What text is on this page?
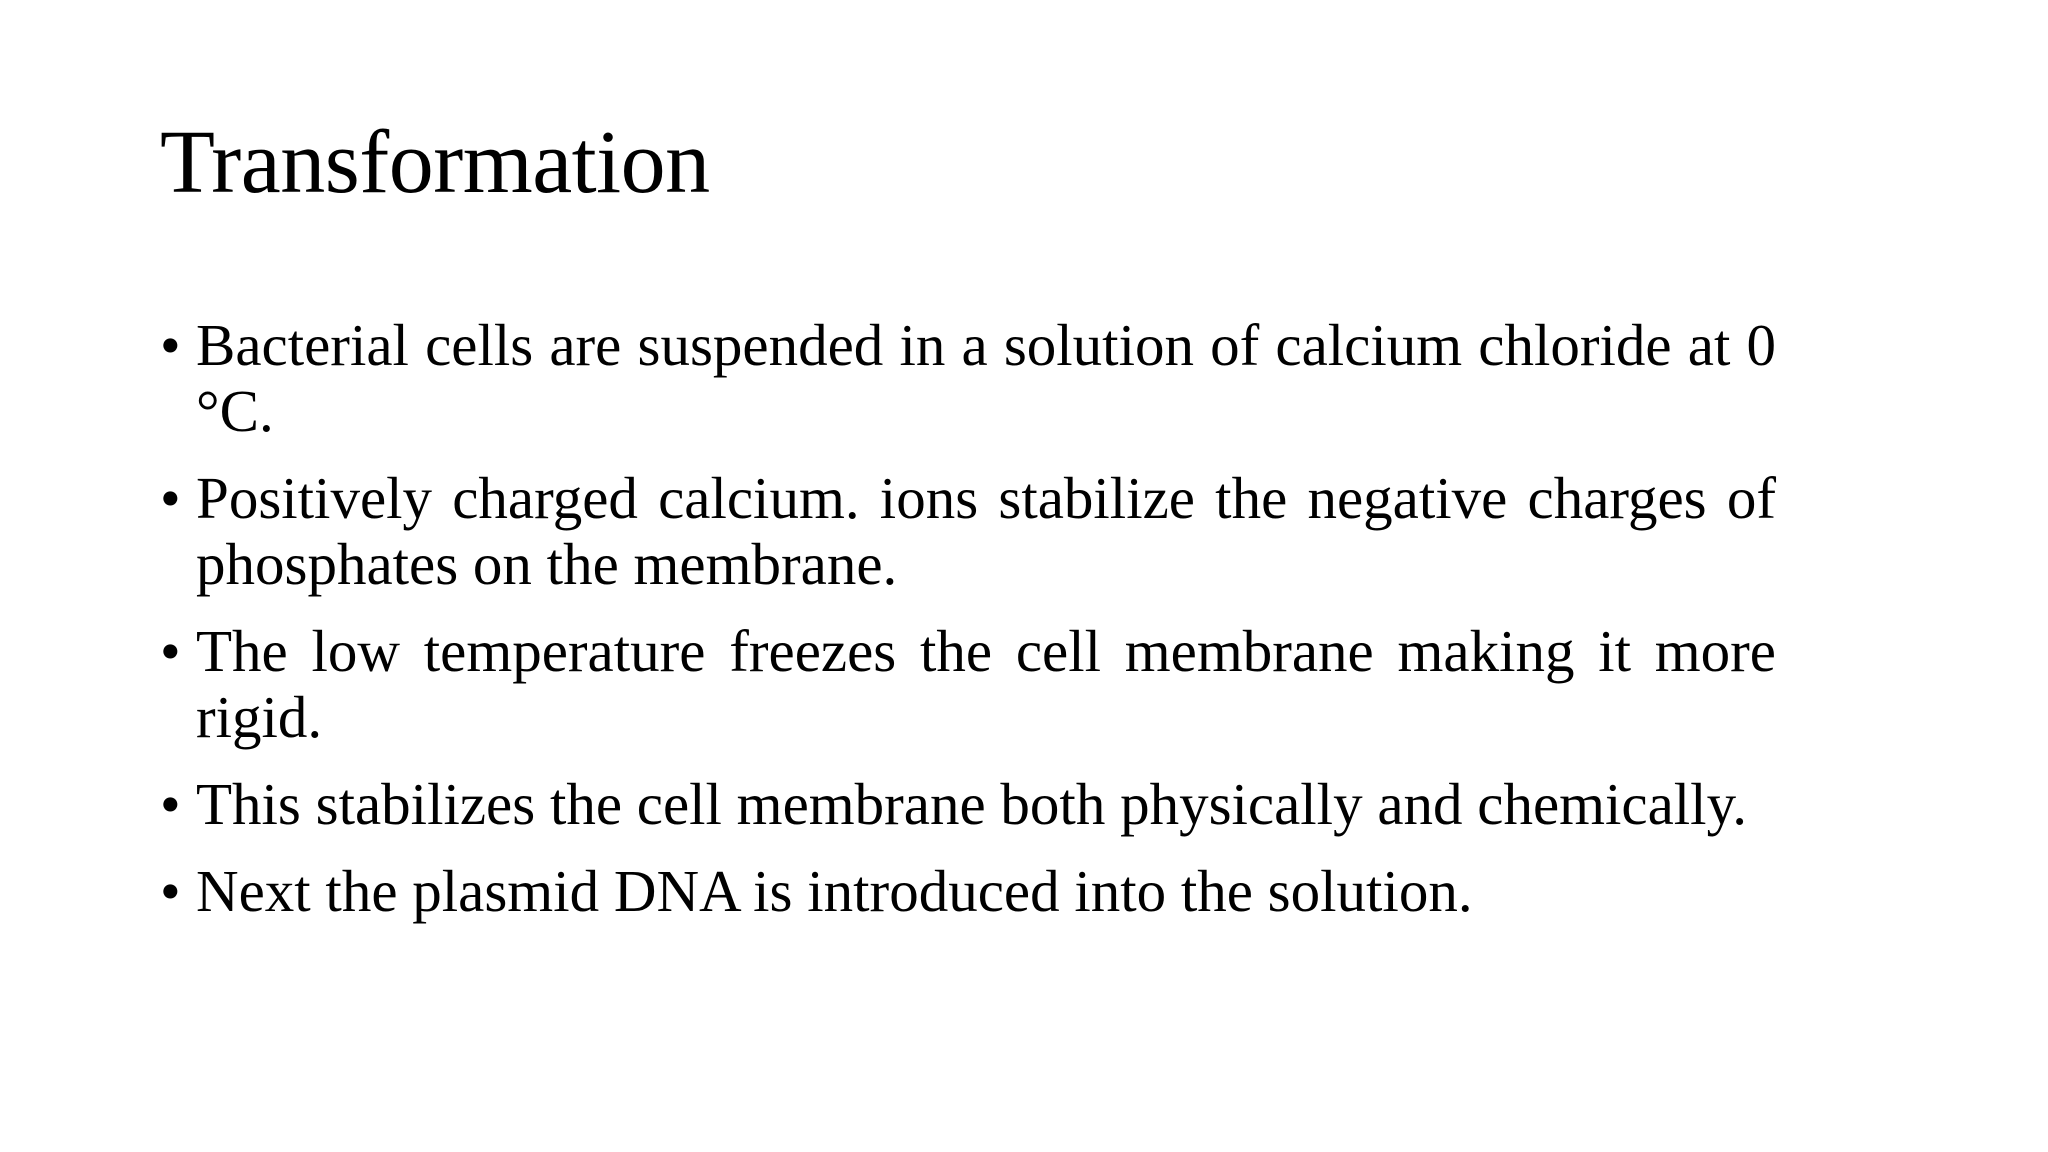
Transformation
• Bacterial cells are suspended in a solution of calcium chloride at 0 °C.
• Positively charged calcium. ions stabilize the negative charges of phosphates on the membrane.
• The low temperature freezes the cell membrane making it more rigid.
• This stabilizes the cell membrane both physically and chemically.
• Next the plasmid DNA is introduced into the solution.
